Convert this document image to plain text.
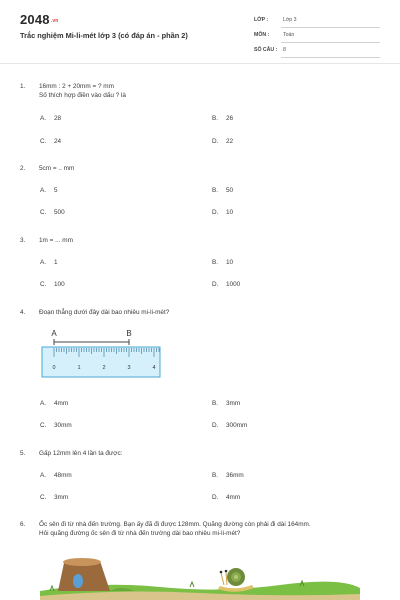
2048.vn
Trắc nghiệm Mi-li-mét lớp 3 (có đáp án - phần 2)
LỚP :	Lớp 3
MÔN :	Toán
SỐ CÂU : 8
1. 16mm : 2 + 20mm = ? mm
Số thích hợp điền vào dấu ? là
A. 28	B. 26
C. 24	D. 22
2. 5cm = .. mm
A. 5	B. 50
C. 500	D. 10
3. 1m = ... mm
A. 1	B. 10
C. 100	D. 1000
4. Đoạn thẳng dưới đây dài bao nhiêu mi-li-mét?
A	B
0	1	2	3	4
A. 4mm	B. 3mm
C. 30mm	D. 300mm
5. Gấp 12mm lên 4 lần ta được:
A. 48mm	B. 36mm
C. 3mm	D. 4mm
6. Ốc sên đi từ nhà đến trường. Bạn ấy đã đi được 128mm. Quãng đường còn phải đi dài 164mm.
Hỏi quãng đường ốc sên đi từ nhà đến trường dài bao nhiêu mi-li-mét?
